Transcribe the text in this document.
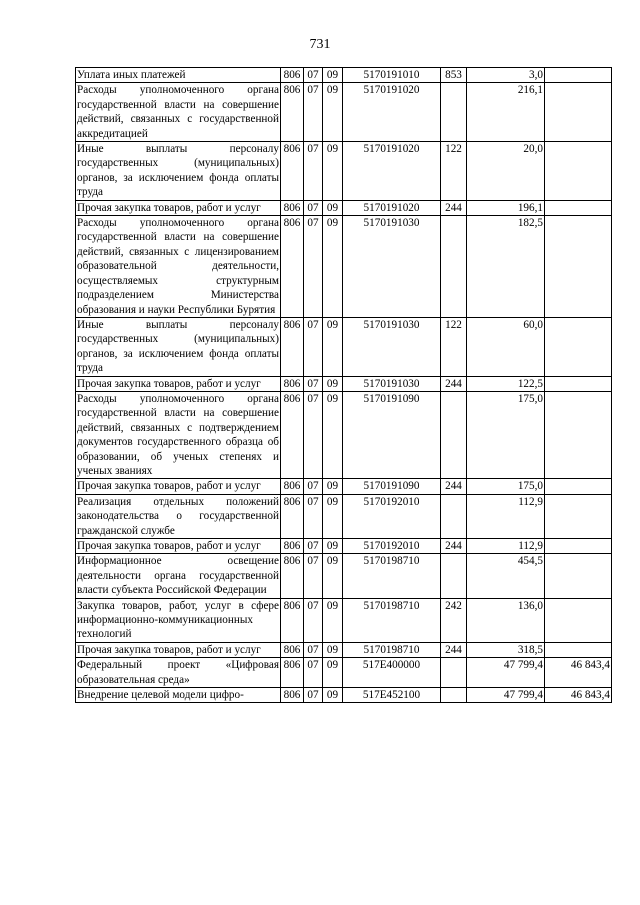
731
Уплата иных платежей	806	07	09	5170191010	853	3,0	
Расходы уполномоченного органа государственной власти на совершение действий, связанных с государственной аккредитацией	806	07	09	5170191020		216,1	
Иные выплаты персоналу государственных (муниципальных) органов, за исключением фонда оплаты труда	806	07	09	5170191020	122	20,0	
Прочая закупка товаров, работ и услуг	806	07	09	5170191020	244	196,1	
Расходы уполномоченного органа государственной власти на совершение действий, связанных с лицензированием образовательной деятельности, осуществляемых структурным подразделением Министерства образования и науки Республики Бурятия	806	07	09	5170191030		182,5	
Иные выплаты персоналу государственных (муниципальных) органов, за исключением фонда оплаты труда	806	07	09	5170191030	122	60,0	
Прочая закупка товаров, работ и услуг	806	07	09	5170191030	244	122,5	
Расходы уполномоченного органа государственной власти на совершение действий, связанных с подтверждением документов государственного образца об образовании, об ученых степенях и ученых званиях	806	07	09	5170191090		175,0	
Прочая закупка товаров, работ и услуг	806	07	09	5170191090	244	175,0	
Реализация отдельных положений законодательства о государственной гражданской службе	806	07	09	5170192010		112,9	
Прочая закупка товаров, работ и услуг	806	07	09	5170192010	244	112,9	
Информационное освещение деятельности органа государственной власти субъекта Российской Федерации	806	07	09	5170198710		454,5	
Закупка товаров, работ, услуг в сфере информационно-коммуникационных технологий	806	07	09	5170198710	242	136,0	
Прочая закупка товаров, работ и услуг	806	07	09	5170198710	244	318,5	
Федеральный проект «Цифровая образовательная среда»	806	07	09	517E400000		47 799,4	46 843,4
Внедрение целевой модели цифро-	806	07	09	517E452100		47 799,4	46 843,4
